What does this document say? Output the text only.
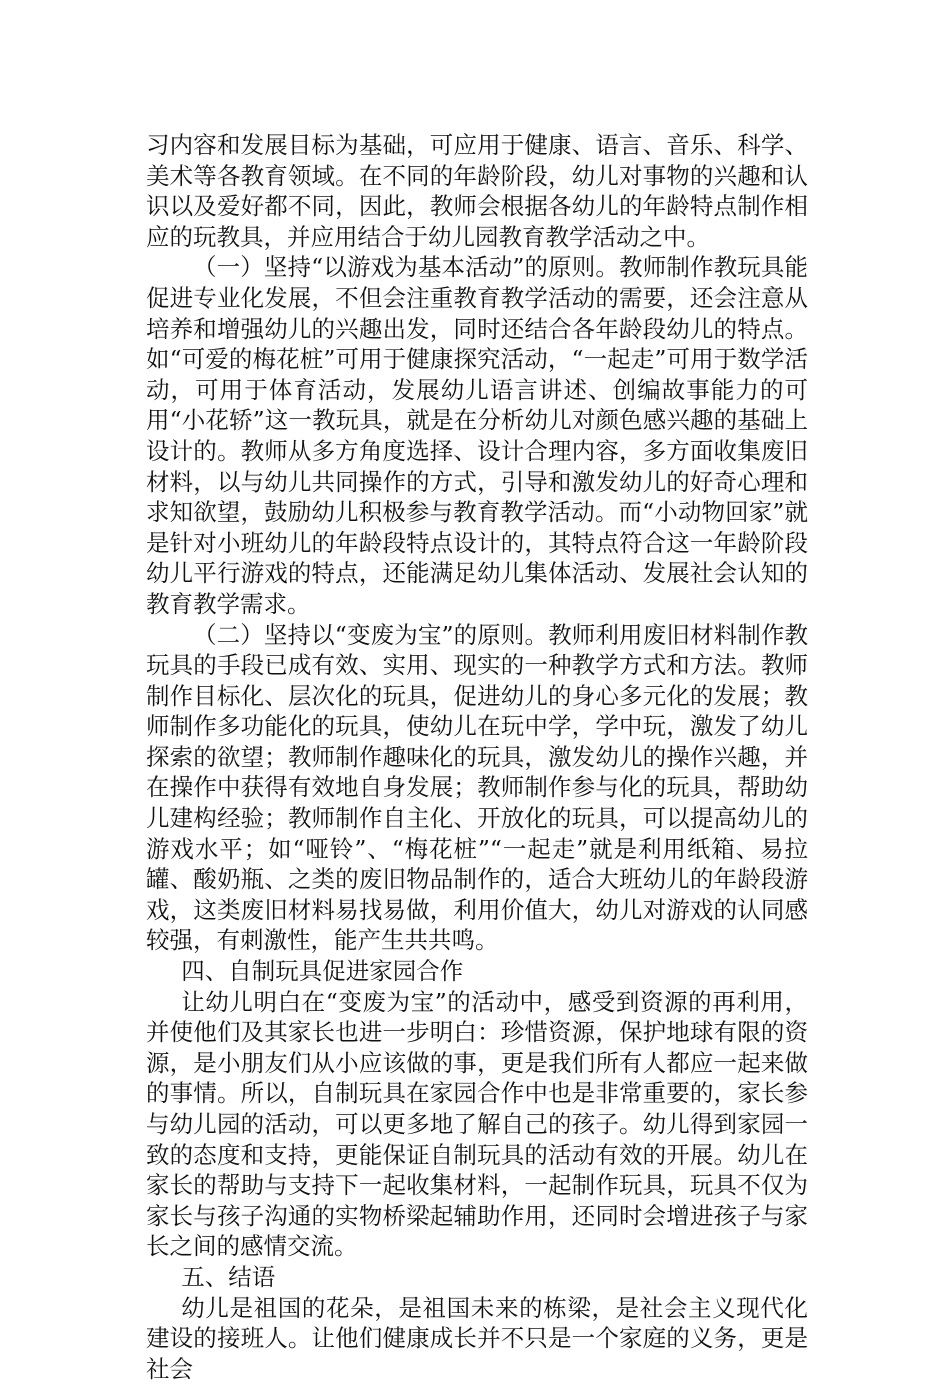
习内容和发展目标为基础，可应用于健康、语言、音乐、科学、美术等各教育领域。在不同的年龄阶段，幼儿对事物的兴趣和认识以及爱好都不同，因此，教师会根据各幼儿的年龄特点制作相应的玩教具，并应用结合于幼儿园教育教学活动之中。

（一）坚持“以游戏为基本活动”的原则。教师制作教玩具能促进专业化发展，不但会注重教育教学活动的需要，还会注意从培养和增强幼儿的兴趣出发，同时还结合各年龄段幼儿的特点。如“可爱的梅花桩”可用于健康探究活动，“一起走”可用于数学活动，可用于体育活动，发展幼儿语言讲述、创编故事能力的可用“小花轿”这一教玩具，就是在分析幼儿对颜色感兴趣的基础上设计的。教师从多方角度选择、设计合理内容，多方面收集废旧材料，以与幼儿共同操作的方式，引导和激发幼儿的好奇心理和求知欲望，鼓励幼儿积极参与教育教学活动。而“小动物回家”就是针对小班幼儿的年龄段特点设计的，其特点符合这一年龄阶段幼儿平行游戏的特点，还能满足幼儿集体活动、发展社会认知的教育教学需求。

（二）坚持以“变废为宝”的原则。教师利用废旧材料制作教玩具的手段已成有效、实用、现实的一种教学方式和方法。教师制作目标化、层次化的玩具，促进幼儿的身心多元化的发展；教师制作多功能化的玩具，使幼儿在玩中学，学中玩，激发了幼儿探索的欲望；教师制作趣味化的玩具，激发幼儿的操作兴趣，并在操作中获得有效地自身发展；教师制作参与化的玩具，帮助幼儿建构经验；教师制作自主化、开放化的玩具，可以提高幼儿的游戏水平；如“哑铃”、“梅花桩”“一起走”就是利用纸箱、易拉罐、酸奶瓶、之类的废旧物品制作的，适合大班幼儿的年龄段游戏，这类废旧材料易找易做，利用价值大，幼儿对游戏的认同感较强，有刺激性，能产生共共鸣。

四、自制玩具促进家园合作

让幼儿明白在“变废为宝”的活动中，感受到资源的再利用，并使他们及其家长也进一步明白：珍惜资源，保护地球有限的资源，是小朋友们从小应该做的事，更是我们所有人都应一起来做的事情。所以，自制玩具在家园合作中也是非常重要的，家长参与幼儿园的活动，可以更多地了解自己的孩子。幼儿得到家园一致的态度和支持，更能保证自制玩具的活动有效的开展。幼儿在家长的帮助与支持下一起收集材料，一起制作玩具，玩具不仅为家长与孩子沟通的实物桥梁起辅助作用，还同时会增进孩子与家长之间的感情交流。

五、结语

幼儿是祖国的花朵，是祖国未来的栋梁，是社会主义现代化建设的接班人。让他们健康成长并不只是一个家庭的义务，更是社会
